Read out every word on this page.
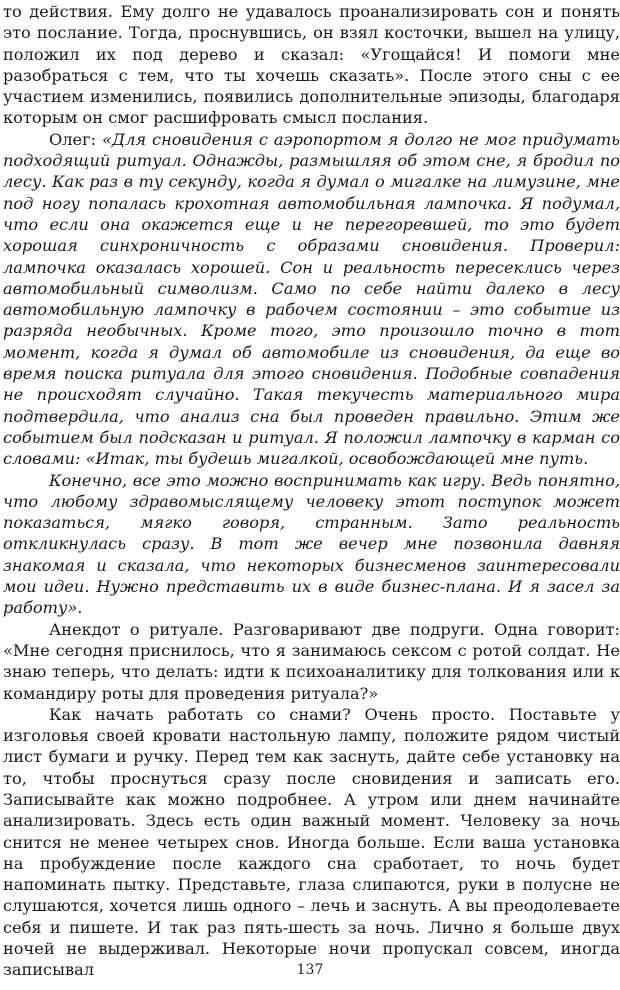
то действия. Ему долго не удавалось проанализировать сон и понять это послание. Тогда, проснувшись, он взял косточки, вышел на улицу, положил их под дерево и сказал: «Угощайся! И помоги мне разобраться с тем, что ты хочешь сказать». После этого сны с ее участием изменились, появились дополнительные эпизоды, благодаря которым он смог расшифровать смысл послания.

Олег: «Для сновидения с аэропортом я долго не мог придумать подходящий ритуал. Однажды, размышляя об этом сне, я бродил по лесу. Как раз в ту секунду, когда я думал о мигалке на лимузине, мне под ногу попалась крохотная автомобильная лампочка. Я подумал, что если она окажется еще и не перегоревшей, то это будет хорошая синхроничность с образами сновидения. Проверил: лампочка оказалась хорошей. Сон и реальность пересеклись через автомобильный символизм. Само по себе найти далеко в лесу автомобильную лампочку в рабочем состоянии – это событие из разряда необычных. Кроме того, это произошло точно в тот момент, когда я думал об автомобиле из сновидения, да еще во время поиска ритуала для этого сновидения. Подобные совпадения не происходят случайно. Такая текучесть материального мира подтвердила, что анализ сна был проведен правильно. Этим же событием был подсказан и ритуал. Я положил лампочку в карман со словами: «Итак, ты будешь мигалкой, освобождающей мне путь.

Конечно, все это можно воспринимать как игру. Ведь понятно, что любому здравомыслящему человеку этот поступок может показаться, мягко говоря, странным. Зато реальность откликнулась сразу. В тот же вечер мне позвонила давняя знакомая и сказала, что некоторых бизнесменов заинтересовали мои идеи. Нужно представить их в виде бизнес-плана. И я засел за работу».

Анекдот о ритуале. Разговаривают две подруги. Одна говорит: «Мне сегодня приснилось, что я занимаюсь сексом с ротой солдат. Не знаю теперь, что делать: идти к психоаналитику для толкования или к командиру роты для проведения ритуала?»

Как начать работать со снами? Очень просто. Поставьте у изголовья своей кровати настольную лампу, положите рядом чистый лист бумаги и ручку. Перед тем как заснуть, дайте себе установку на то, чтобы проснуться сразу после сновидения и записать его. Записывайте как можно подробнее. А утром или днем начинайте анализировать. Здесь есть один важный момент. Человеку за ночь снится не менее четырех снов. Иногда больше. Если ваша установка на пробуждение после каждого сна сработает, то ночь будет напоминать пытку. Представьте, глаза слипаются, руки в полусне не слушаются, хочется лишь одного – лечь и заснуть. А вы преодолеваете себя и пишете. И так раз пять-шесть за ночь. Лично я больше двух ночей не выдерживал. Некоторые ночи пропускал совсем, иногда записывал	137
